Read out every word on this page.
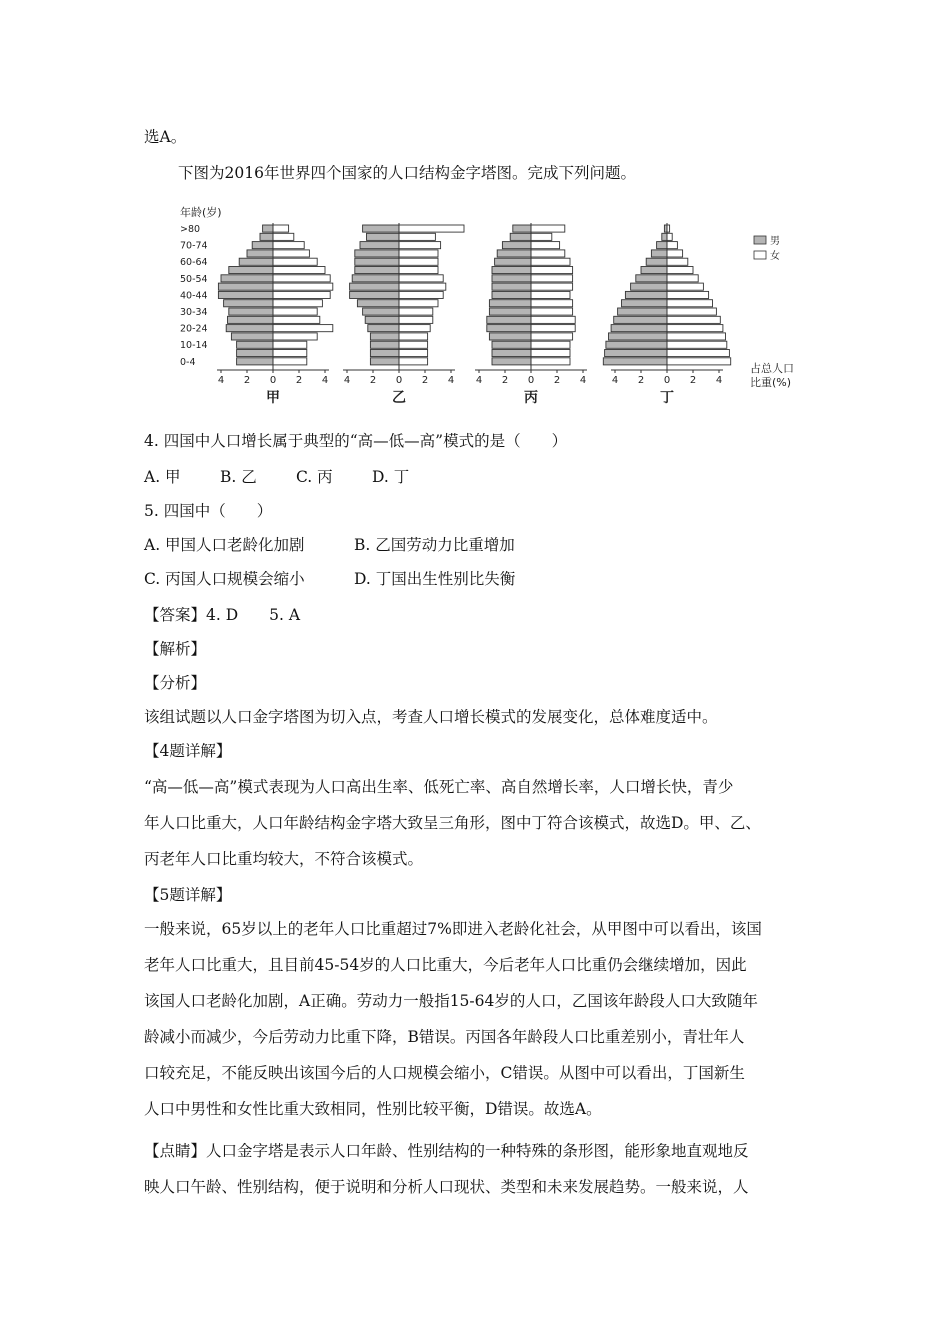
选A。
下图为2016年世界四个国家的人口结构金字塔图。完成下列问题。
年龄(岁)
>80
70-74
60-64
50-54
40-44
30-34
20-24
10-14
0-4
4 2 0 2 4
甲
4 2 0 2 4
乙
4 2 0 2 4
丙
4 2 0 2 4
丁
男
女
占总人口
比重(%)
4. 四国中人口增长属于典型的“高—低—高”模式的是（　　）
A. 甲	B. 乙	C. 丙	D. 丁
5. 四国中（　　）
A. 甲国人口老龄化加剧	B. 乙国劳动力比重增加
C. 丙国人口规模会缩小	D. 丁国出生性别比失衡
【答案】4. D　　5. A
【解析】
【分析】
该组试题以人口金字塔图为切入点，考查人口增长模式的发展变化，总体难度适中。
【4题详解】
“高—低—高”模式表现为人口高出生率、低死亡率、高自然增长率，人口增长快，青少
年人口比重大，人口年龄结构金字塔大致呈三角形，图中丁符合该模式，故选D。甲、乙、
丙老年人口比重均较大，不符合该模式。
【5题详解】
一般来说，65岁以上的老年人口比重超过7%即进入老龄化社会，从甲图中可以看出，该国
老年人口比重大，且目前45-54岁的人口比重大，今后老年人口比重仍会继续增加，因此
该国人口老龄化加剧，A正确。劳动力一般指15-64岁的人口，乙国该年龄段人口大致随年
龄减小而减少，今后劳动力比重下降，B错误。丙国各年龄段人口比重差别小，青壮年人
口较充足，不能反映出该国今后的人口规模会缩小，C错误。从图中可以看出，丁国新生
人口中男性和女性比重大致相同，性别比较平衡，D错误。故选A。
【点睛】人口金字塔是表示人口年龄、性别结构的一种特殊的条形图，能形象地直观地反
映人口午龄、性别结构，便于说明和分析人口现状、类型和未来发展趋势。一般来说，人
